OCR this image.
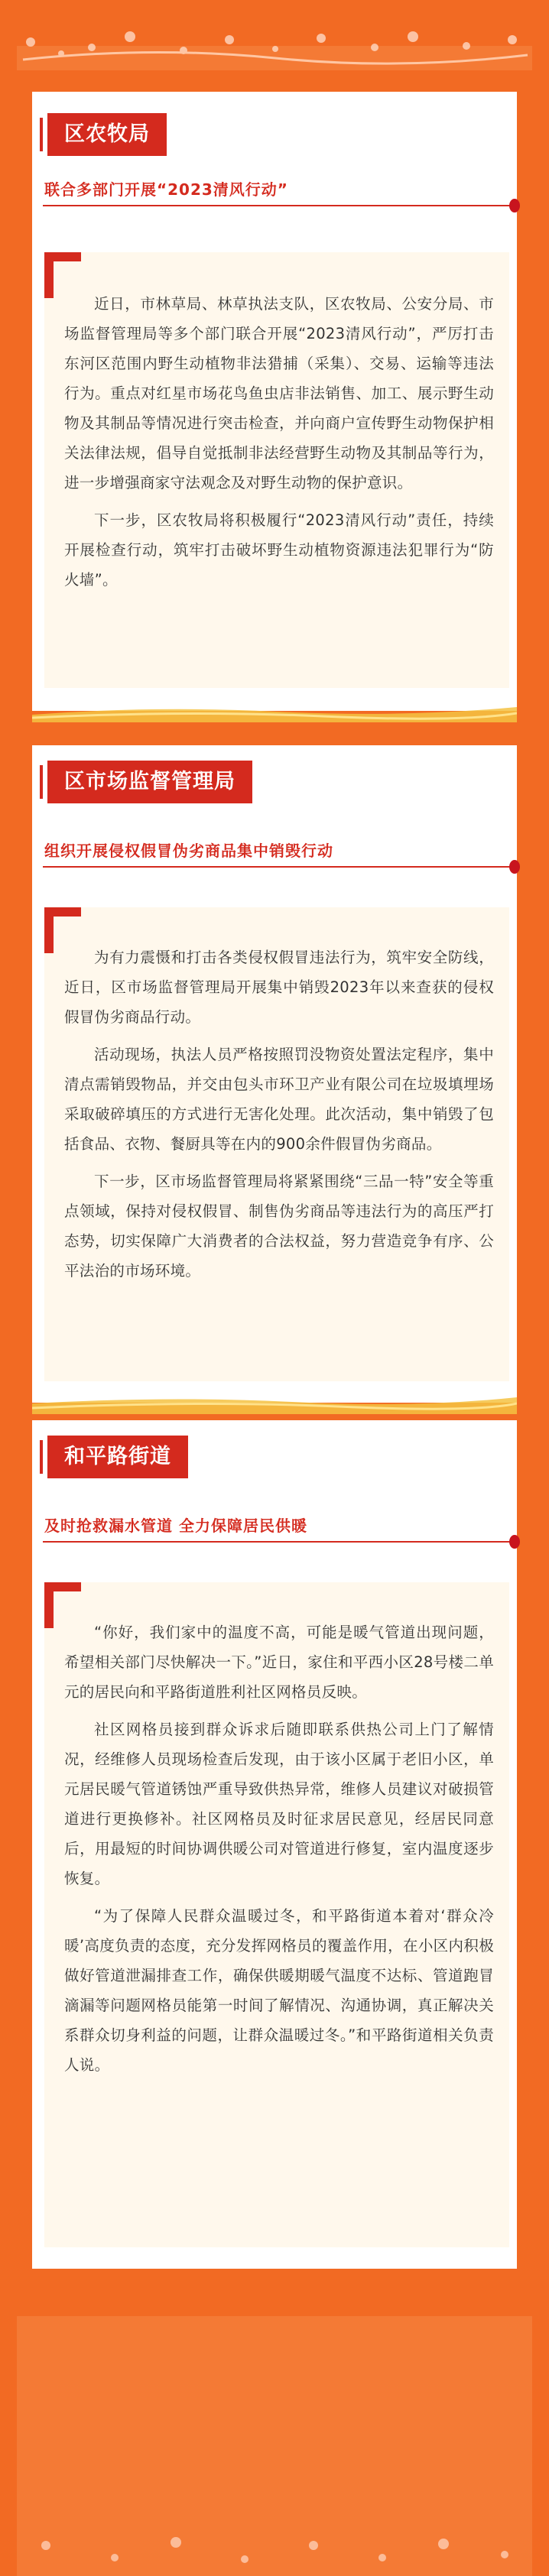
区农牧局
联合多部门开展“2023清风行动”

近日，市林草局、林草执法支队，区农牧局、公安分局、市场监督管理局等多个部门联合开展“2023清风行动”，严厉打击东河区范围内野生动植物非法猎捕（采集）、交易、运输等违法行为。重点对红星市场花鸟鱼虫店非法销售、加工、展示野生动物及其制品等情况进行突击检查，并向商户宣传野生动物保护相关法律法规，倡导自觉抵制非法经营野生动物及其制品等行为，进一步增强商家守法观念及对野生动物的保护意识。

下一步，区农牧局将积极履行“2023清风行动”责任，持续开展检查行动，筑牢打击破坏野生动植物资源违法犯罪行为“防火墙”。

区市场监督管理局
组织开展侵权假冒伪劣商品集中销毁行动

为有力震慑和打击各类侵权假冒违法行为，筑牢安全防线，近日，区市场监督管理局开展集中销毁2023年以来查获的侵权假冒伪劣商品行动。

活动现场，执法人员严格按照罚没物资处置法定程序，集中清点需销毁物品，并交由包头市环卫产业有限公司在垃圾填埋场采取破碎填压的方式进行无害化处理。此次活动，集中销毁了包括食品、衣物、餐厨具等在内的900余件假冒伪劣商品。

下一步，区市场监督管理局将紧紧围绕“三品一特”安全等重点领域，保持对侵权假冒、制售伪劣商品等违法行为的高压严打态势，切实保障广大消费者的合法权益，努力营造竞争有序、公平法治的市场环境。

和平路街道
及时抢救漏水管道 全力保障居民供暖

“你好，我们家中的温度不高，可能是暖气管道出现问题，希望相关部门尽快解决一下。”近日，家住和平西小区28号楼二单元的居民向和平路街道胜利社区网格员反映。

社区网格员接到群众诉求后随即联系供热公司上门了解情况，经维修人员现场检查后发现，由于该小区属于老旧小区，单元居民暖气管道锈蚀严重导致供热异常，维修人员建议对破损管道进行更换修补。社区网格员及时征求居民意见，经居民同意后，用最短的时间协调供暖公司对管道进行修复，室内温度逐步恢复。

“为了保障人民群众温暖过冬，和平路街道本着对‘群众冷暖’高度负责的态度，充分发挥网格员的覆盖作用，在小区内积极做好管道泄漏排查工作，确保供暖期暖气温度不达标、管道跑冒滴漏等问题网格员能第一时间了解情况、沟通协调，真正解决关系群众切身利益的问题，让群众温暖过冬。”和平路街道相关负责人说。
